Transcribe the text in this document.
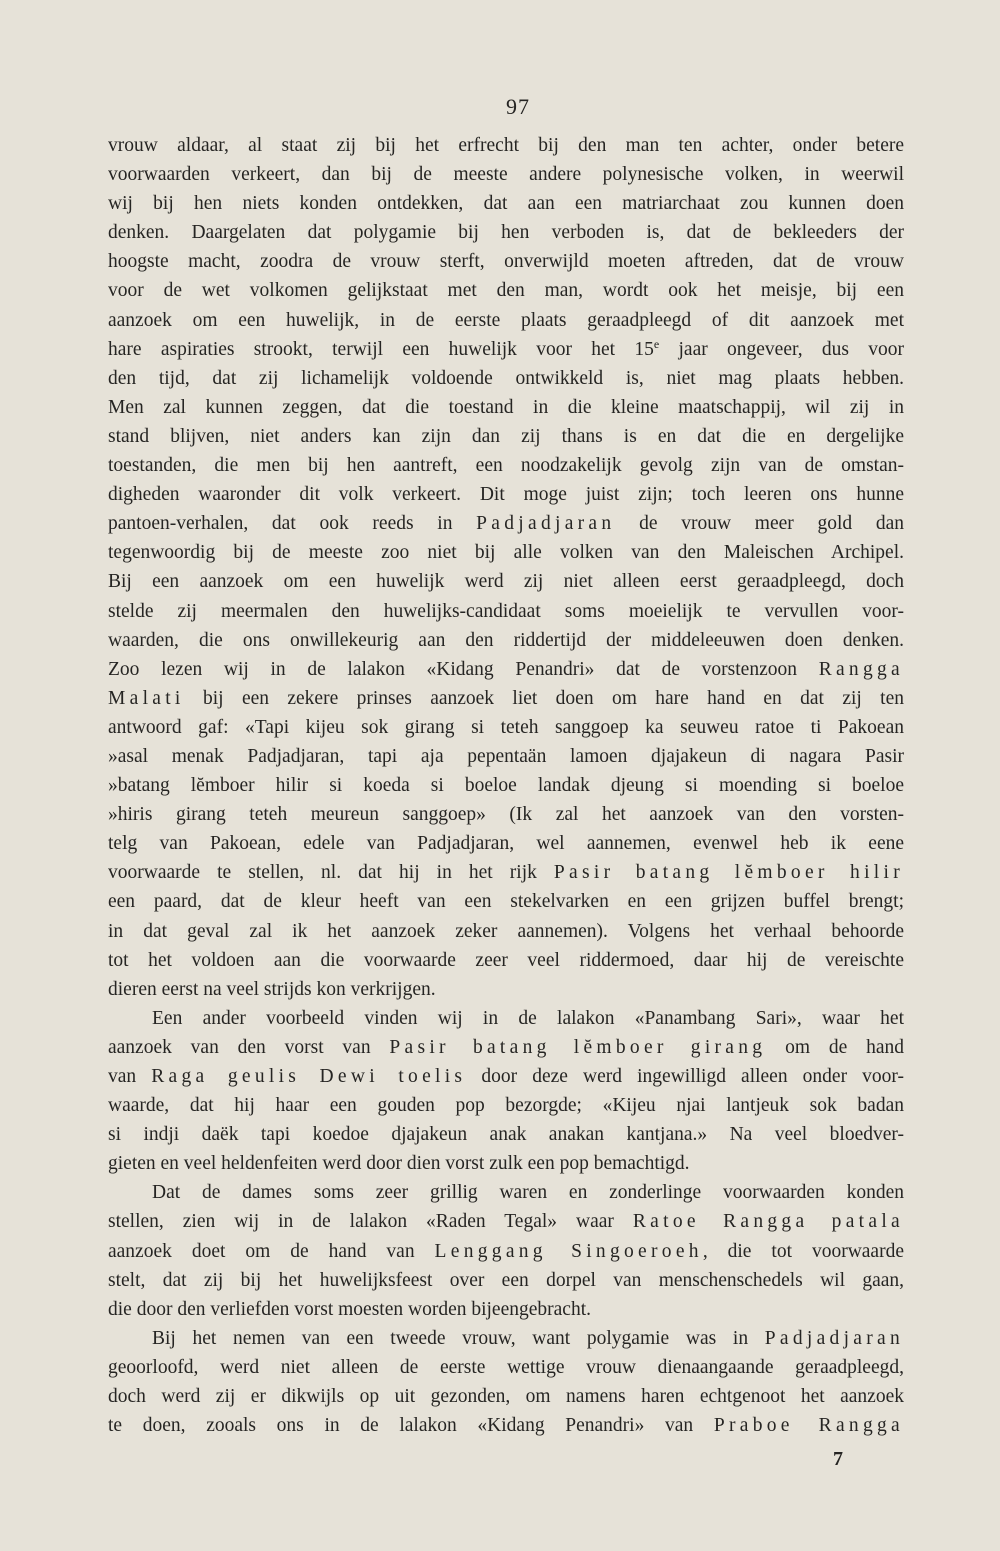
97
vrouw aldaar, al staat zij bij het erfrecht bij den man ten achter, onder betere
voorwaarden verkeert, dan bij de meeste andere polynesische volken, in weerwil
wij bij hen niets konden ontdekken, dat aan een matriarchaat zou kunnen doen
denken. Daargelaten dat polygamie bij hen verboden is, dat de bekleeders der
hoogste macht, zoodra de vrouw sterft, onverwijld moeten aftreden, dat de vrouw
voor de wet volkomen gelijkstaat met den man, wordt ook het meisje, bij een
aanzoek om een huwelijk, in de eerste plaats geraadpleegd of dit aanzoek met
hare aspiraties strookt, terwijl een huwelijk voor het 15e jaar ongeveer, dus voor
den tijd, dat zij lichamelijk voldoende ontwikkeld is, niet mag plaats hebben.
Men zal kunnen zeggen, dat die toestand in die kleine maatschappij, wil zij in
stand blijven, niet anders kan zijn dan zij thans is en dat die en dergelijke
toestanden, die men bij hen aantreft, een noodzakelijk gevolg zijn van de omstan-
digheden waaronder dit volk verkeert. Dit moge juist zijn; toch leeren ons hunne
pantoen-verhalen, dat ook reeds in Padjadjaran de vrouw meer gold dan
tegenwoordig bij de meeste zoo niet bij alle volken van den Maleischen Archipel.
Bij een aanzoek om een huwelijk werd zij niet alleen eerst geraadpleegd, doch
stelde zij meermalen den huwelijks-candidaat soms moeielijk te vervullen voor-
waarden, die ons onwillekeurig aan den riddertijd der middeleeuwen doen denken.
Zoo lezen wij in de lalakon «Kidang Penandri» dat de vorstenzoon Rangga
Malati bij een zekere prinses aanzoek liet doen om hare hand en dat zij ten
antwoord gaf: «Tapi kijeu sok girang si teteh sanggoep ka seuweu ratoe ti Pakoean
»asal menak Padjadjaran, tapi aja pepentaän lamoen djajakeun di nagara Pasir
»batang lĕmboer hilir si koeda si boeloe landak djeung si moending si boeloe
»hiris girang teteh meureun sanggoep» (Ik zal het aanzoek van den vorsten-
telg van Pakoean, edele van Padjadjaran, wel aannemen, evenwel heb ik eene
voorwaarde te stellen, nl. dat hij in het rijk Pasir batang lĕmboer hilir
een paard, dat de kleur heeft van een stekelvarken en een grijzen buffel brengt;
in dat geval zal ik het aanzoek zeker aannemen). Volgens het verhaal behoorde
tot het voldoen aan die voorwaarde zeer veel riddermoed, daar hij de vereischte
dieren eerst na veel strijds kon verkrijgen.
Een ander voorbeeld vinden wij in de lalakon «Panambang Sari», waar het
aanzoek van den vorst van Pasir batang lĕmboer girang om de hand
van Raga geulis Dewi toelis door deze werd ingewilligd alleen onder voor-
waarde, dat hij haar een gouden pop bezorgde; «Kijeu njai lantjeuk sok badan
si indji daëk tapi koedoe djajakeun anak anakan kantjana.» Na veel bloedver-
gieten en veel heldenfeiten werd door dien vorst zulk een pop bemachtigd.
Dat de dames soms zeer grillig waren en zonderlinge voorwaarden konden
stellen, zien wij in de lalakon «Raden Tegal» waar Ratoe Rangga patala
aanzoek doet om de hand van Lenggang Singoeroeh, die tot voorwaarde
stelt, dat zij bij het huwelijksfeest over een dorpel van menschenschedels wil gaan,
die door den verliefden vorst moesten worden bijeengebracht.
Bij het nemen van een tweede vrouw, want polygamie was in Padjadjaran
geoorloofd, werd niet alleen de eerste wettige vrouw dienaangaande geraadpleegd,
doch werd zij er dikwijls op uit gezonden, om namens haren echtgenoot het aanzoek
te doen, zooals ons in de lalakon «Kidang Penandri» van Praboe Rangga
7
